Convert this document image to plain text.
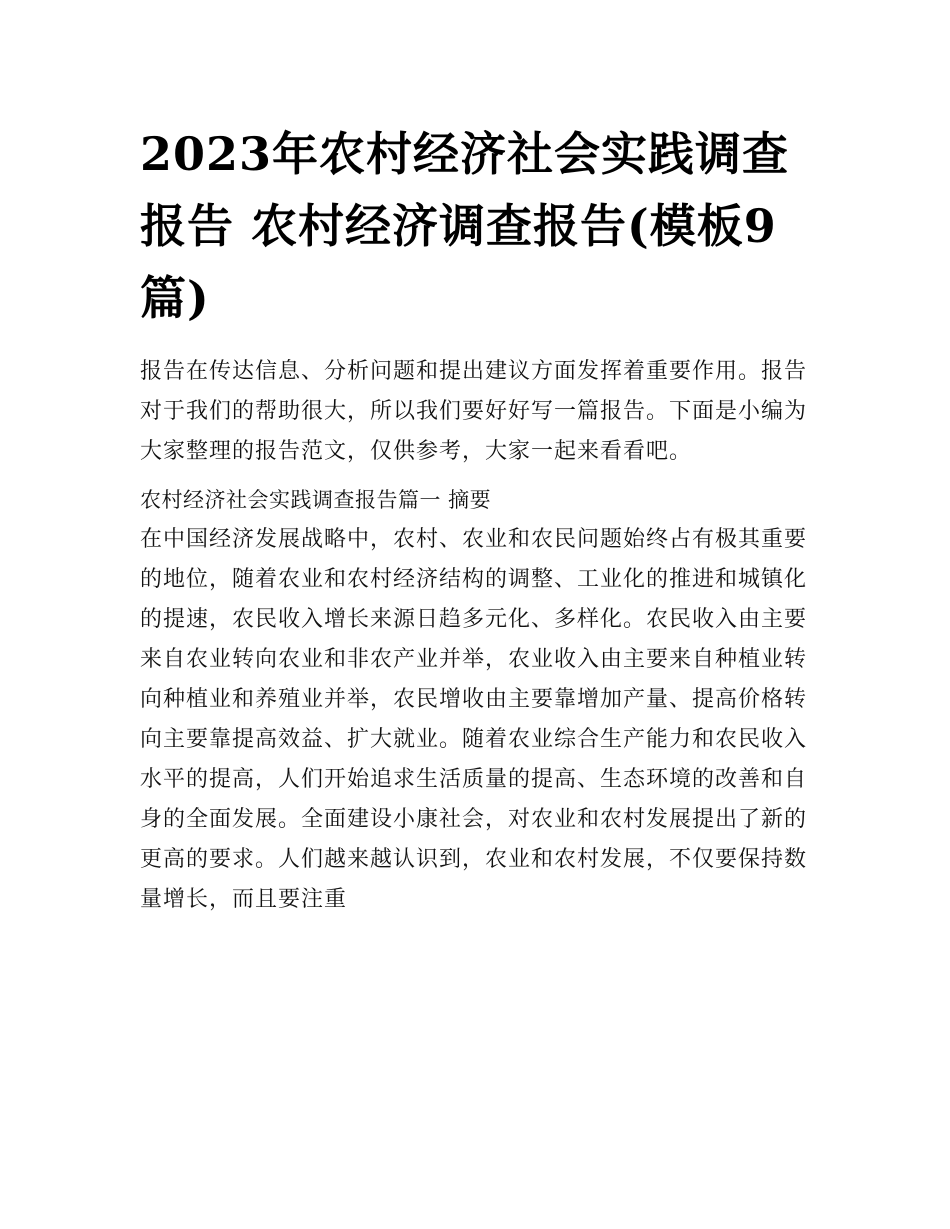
2023年农村经济社会实践调查报告 农村经济调查报告(模板9篇)

报告在传达信息、分析问题和提出建议方面发挥着重要作用。报告对于我们的帮助很大，所以我们要好好写一篇报告。下面是小编为大家整理的报告范文，仅供参考，大家一起来看看吧。

农村经济社会实践调查报告篇一 摘要

在中国经济发展战略中，农村、农业和农民问题始终占有极其重要的地位，随着农业和农村经济结构的调整、工业化的推进和城镇化的提速，农民收入增长来源日趋多元化、多样化。农民收入由主要来自农业转向农业和非农产业并举，农业收入由主要来自种植业转向种植业和养殖业并举，农民增收由主要靠增加产量、提高价格转向主要靠提高效益、扩大就业。随着农业综合生产能力和农民收入水平的提高，人们开始追求生活质量的提高、生态环境的改善和自身的全面发展。全面建设小康社会，对农业和农村发展提出了新的更高的要求。人们越来越认识到，农业和农村发展，不仅要保持数量增长，而且要注重
